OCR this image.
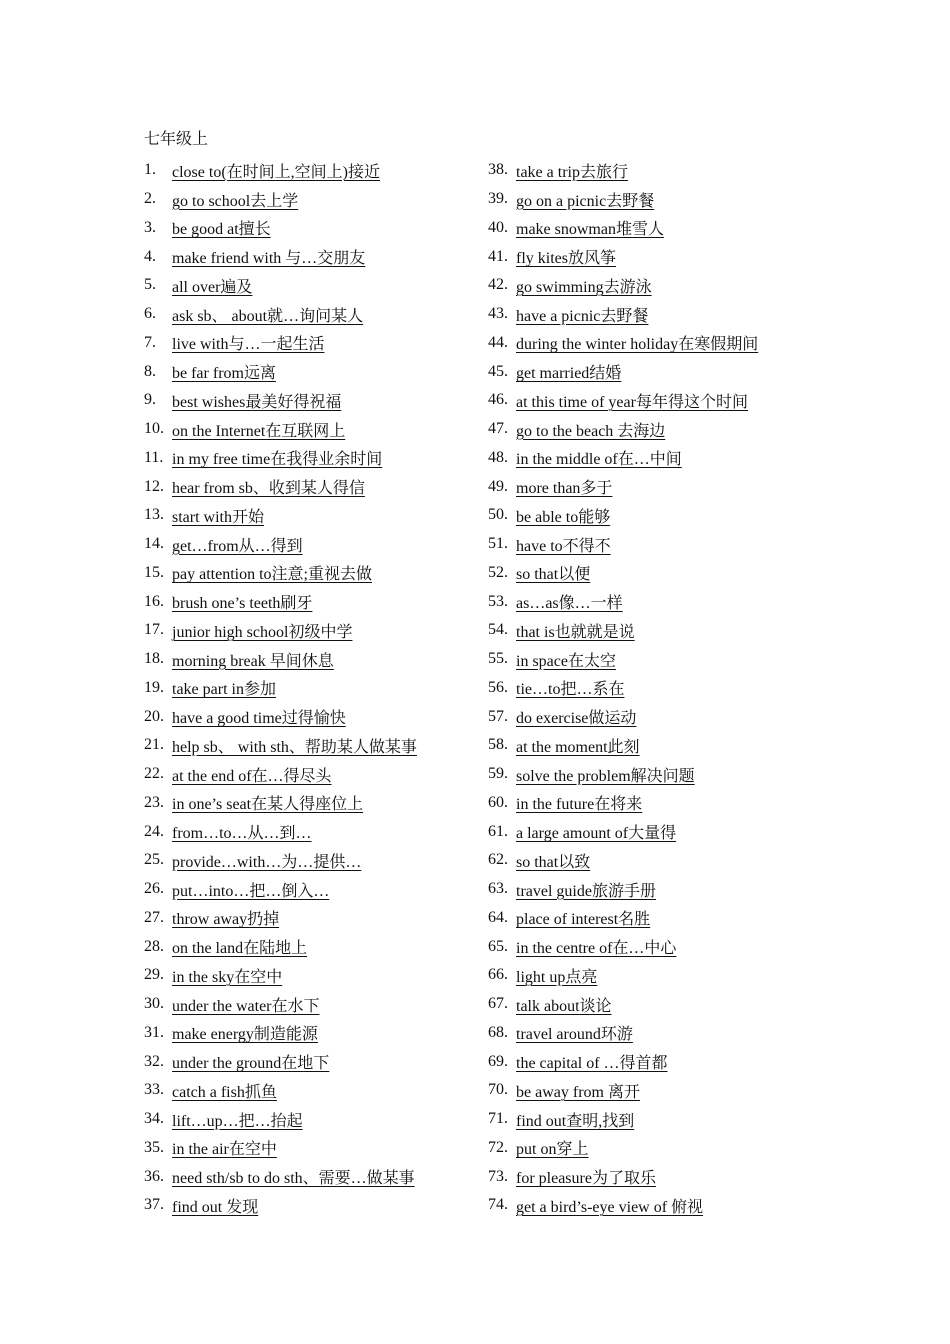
七年级上
1.	close to(在时间上,空间上)接近
2.	go to school去上学
3.	be good at擅长
4.	make friend with 与…交朋友
5.	all over遍及
6.	ask sb、 about就…询问某人
7.	live with与…一起生活
8.	be far from远离
9.	best wishes最美好得祝福
10. on the Internet在互联网上
11. in my free time在我得业余时间
12. hear from sb、收到某人得信
13. start with开始
14. get…from从…得到
15. pay attention to注意;重视去做
16. brush one’s teeth刷牙
17. junior high school初级中学
18. morning break 早间休息
19. take part in参加
20. have a good time过得愉快
21. help sb、 with sth、帮助某人做某事
22. at the end of在…得尽头
23. in one’s seat在某人得座位上
24. from…to…从…到…
25. provide…with…为…提供…
26. put…into…把…倒入…
27. throw away扔掉
28. on the land在陆地上
29. in the sky在空中
30. under the water在水下
31. make energy制造能源
32. under the ground在地下
33. catch a fish抓鱼
34. lift…up…把…抬起
35. in the air在空中
36. need sth/sb to do sth、需要…做某事
37. find out 发现
38. take a trip去旅行
39. go on a picnic去野餐
40. make snowman堆雪人
41. fly kites放风筝
42. go swimming去游泳
43. have a picnic去野餐
44. during the winter holiday在寒假期间
45. get married结婚
46. at this time of year每年得这个时间
47. go to the beach 去海边
48. in the middle of在…中间
49. more than多于
50. be able to能够
51. have to不得不
52. so that以便
53. as…as像…一样
54. that is也就就是说
55. in space在太空
56. tie…to把…系在
57. do exercise做运动
58. at the moment此刻
59. solve the problem解决问题
60. in the future在将来
61. a large amount of大量得
62. so that以致
63. travel guide旅游手册
64. place of interest名胜
65. in the centre of在…中心
66. light up点亮
67. talk about谈论
68. travel around环游
69. the capital of …得首都
70. be away from 离开
71. find out查明,找到
72. put on穿上
73. for pleasure为了取乐
74. get a bird’s-eye view of 俯视
